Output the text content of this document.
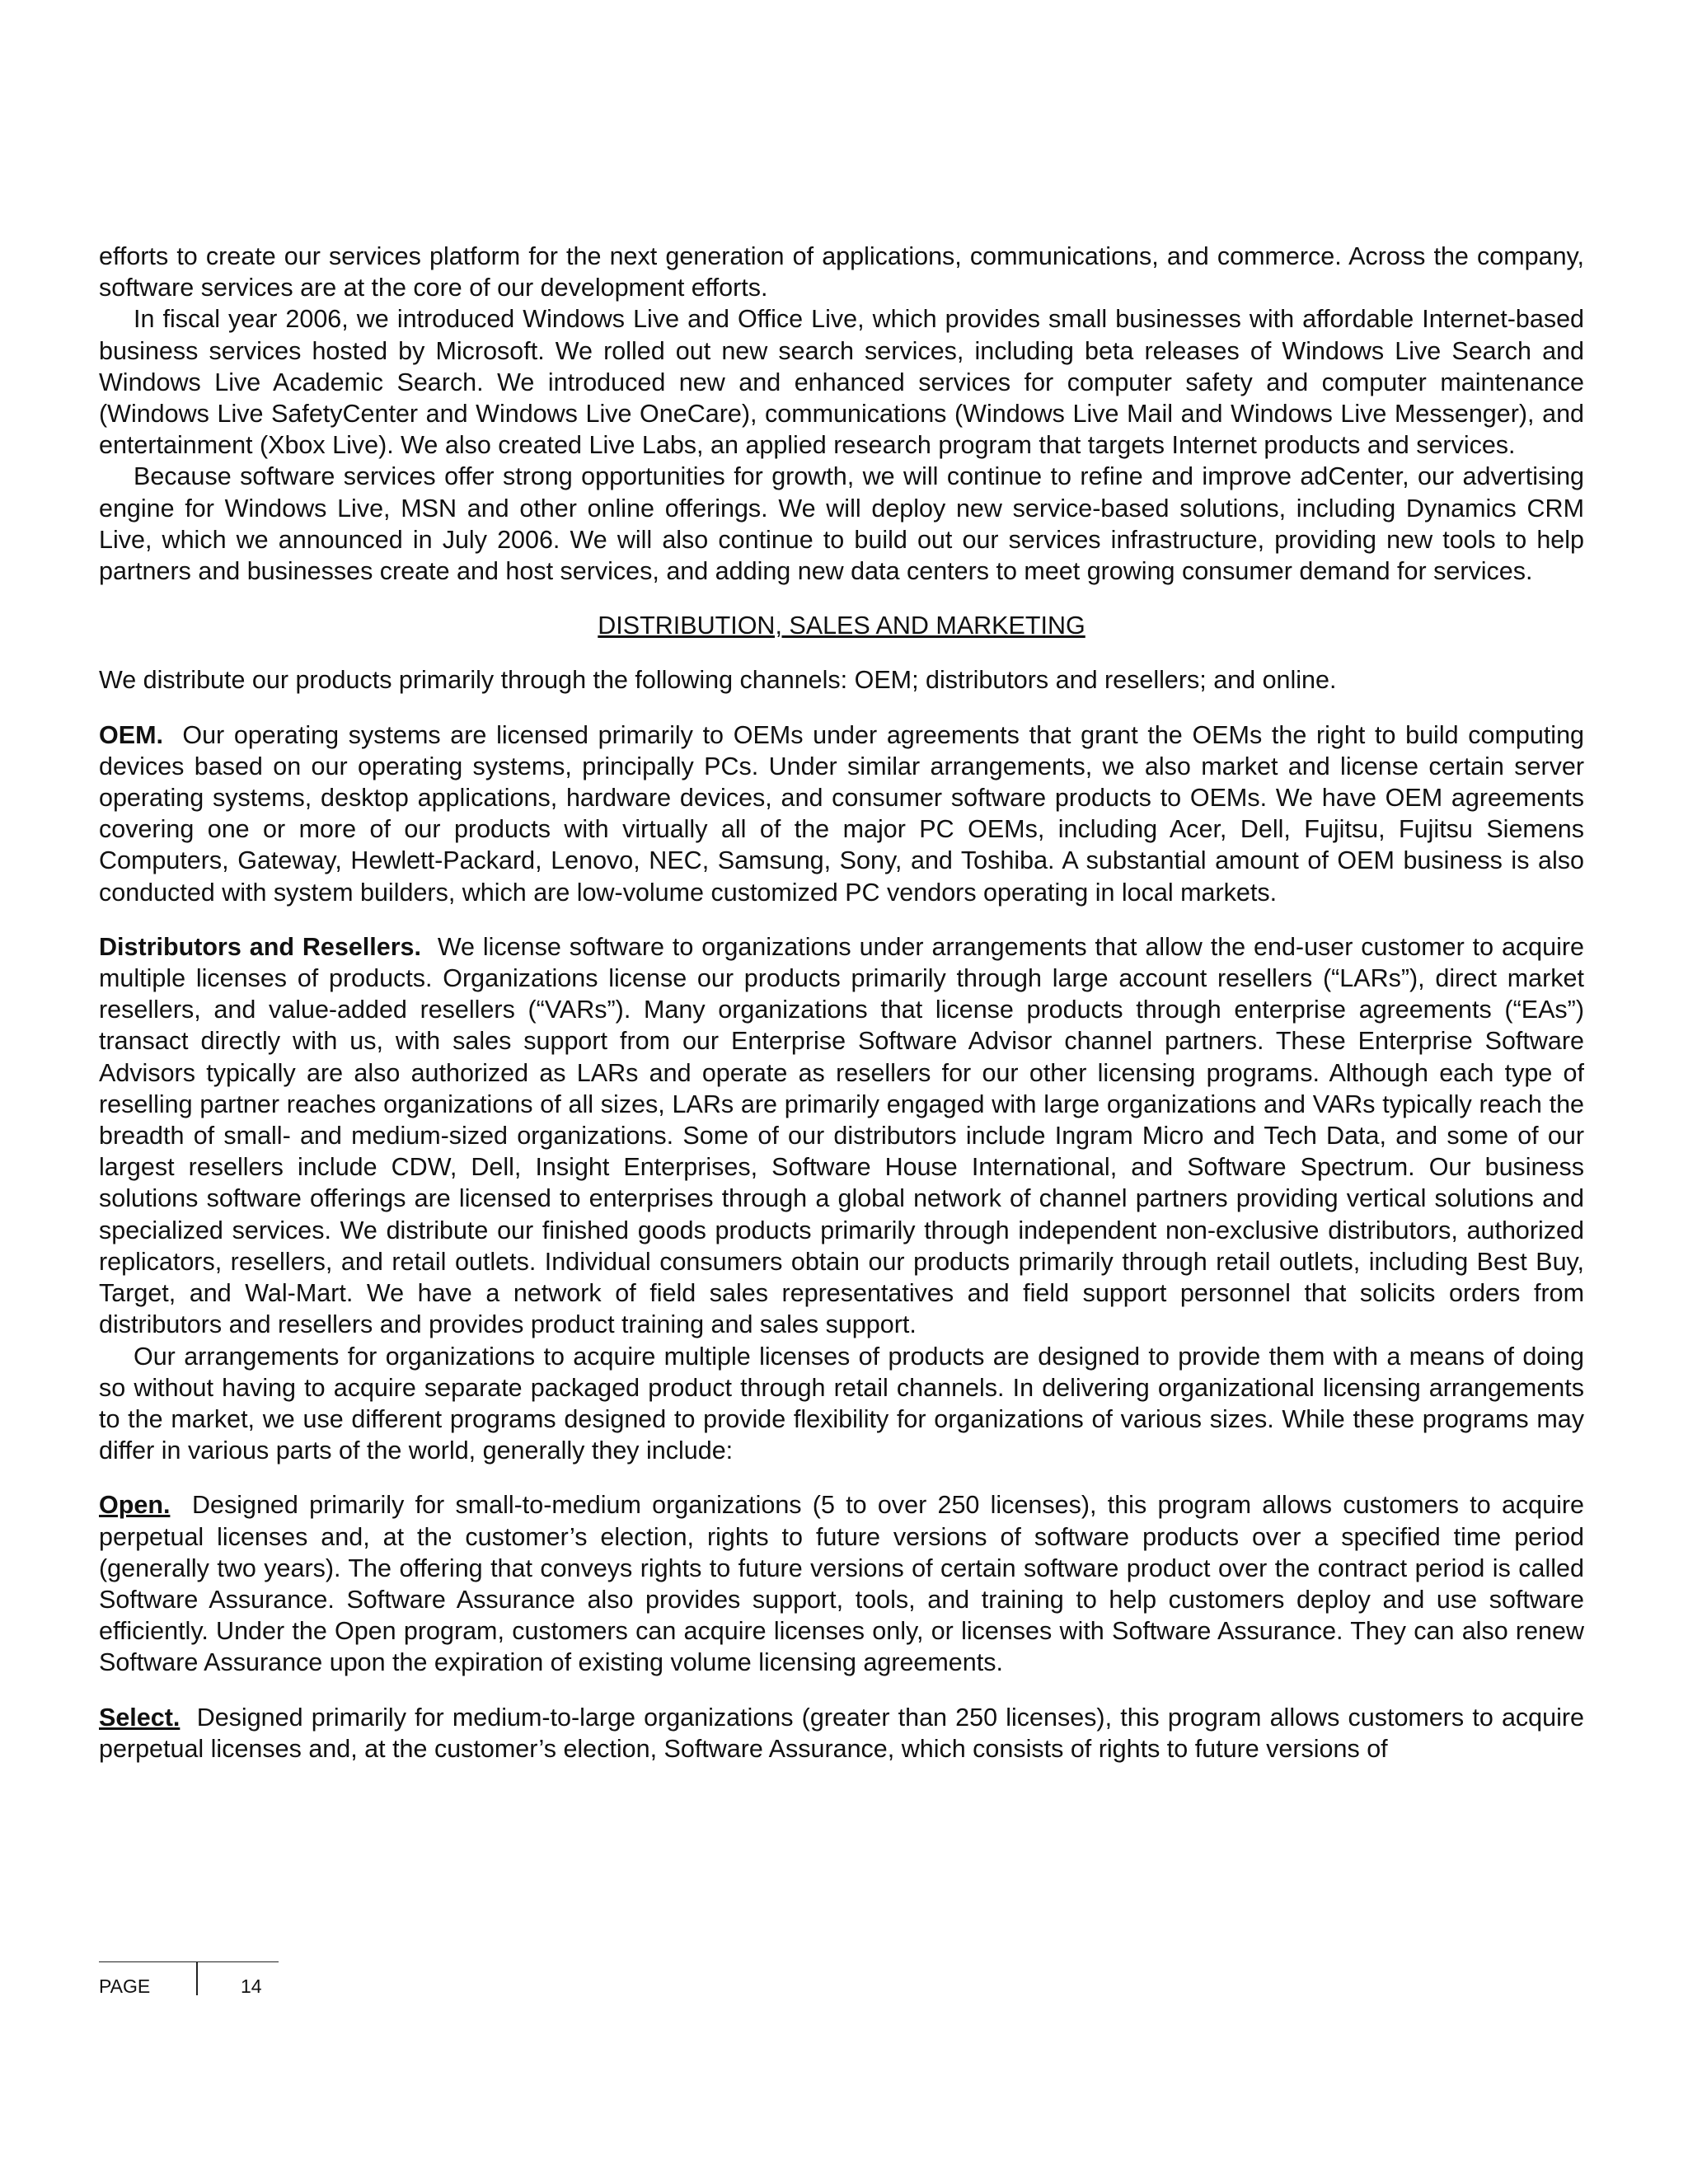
efforts to create our services platform for the next generation of applications, communications, and commerce. Across the company, software services are at the core of our development efforts.

In fiscal year 2006, we introduced Windows Live and Office Live, which provides small businesses with affordable Internet-based business services hosted by Microsoft. We rolled out new search services, including beta releases of Windows Live Search and Windows Live Academic Search. We introduced new and enhanced services for computer safety and computer maintenance (Windows Live SafetyCenter and Windows Live OneCare), communications (Windows Live Mail and Windows Live Messenger), and entertainment (Xbox Live). We also created Live Labs, an applied research program that targets Internet products and services.

Because software services offer strong opportunities for growth, we will continue to refine and improve adCenter, our advertising engine for Windows Live, MSN and other online offerings. We will deploy new service-based solutions, including Dynamics CRM Live, which we announced in July 2006. We will also continue to build out our services infrastructure, providing new tools to help partners and businesses create and host services, and adding new data centers to meet growing consumer demand for services.

DISTRIBUTION, SALES AND MARKETING

We distribute our products primarily through the following channels: OEM; distributors and resellers; and online.

OEM. Our operating systems are licensed primarily to OEMs under agreements that grant the OEMs the right to build computing devices based on our operating systems, principally PCs. Under similar arrangements, we also market and license certain server operating systems, desktop applications, hardware devices, and consumer software products to OEMs. We have OEM agreements covering one or more of our products with virtually all of the major PC OEMs, including Acer, Dell, Fujitsu, Fujitsu Siemens Computers, Gateway, Hewlett-Packard, Lenovo, NEC, Samsung, Sony, and Toshiba. A substantial amount of OEM business is also conducted with system builders, which are low-volume customized PC vendors operating in local markets.

Distributors and Resellers. We license software to organizations under arrangements that allow the end-user customer to acquire multiple licenses of products. Organizations license our products primarily through large account resellers (“LARs”), direct market resellers, and value-added resellers (“VARs”). Many organizations that license products through enterprise agreements (“EAs”) transact directly with us, with sales support from our Enterprise Software Advisor channel partners. These Enterprise Software Advisors typically are also authorized as LARs and operate as resellers for our other licensing programs. Although each type of reselling partner reaches organizations of all sizes, LARs are primarily engaged with large organizations and VARs typically reach the breadth of small- and medium-sized organizations. Some of our distributors include Ingram Micro and Tech Data, and some of our largest resellers include CDW, Dell, Insight Enterprises, Software House International, and Software Spectrum. Our business solutions software offerings are licensed to enterprises through a global network of channel partners providing vertical solutions and specialized services. We distribute our finished goods products primarily through independent non-exclusive distributors, authorized replicators, resellers, and retail outlets. Individual consumers obtain our products primarily through retail outlets, including Best Buy, Target, and Wal-Mart. We have a network of field sales representatives and field support personnel that solicits orders from distributors and resellers and provides product training and sales support.

Our arrangements for organizations to acquire multiple licenses of products are designed to provide them with a means of doing so without having to acquire separate packaged product through retail channels. In delivering organizational licensing arrangements to the market, we use different programs designed to provide flexibility for organizations of various sizes. While these programs may differ in various parts of the world, generally they include:

Open. Designed primarily for small-to-medium organizations (5 to over 250 licenses), this program allows customers to acquire perpetual licenses and, at the customer’s election, rights to future versions of software products over a specified time period (generally two years). The offering that conveys rights to future versions of certain software product over the contract period is called Software Assurance. Software Assurance also provides support, tools, and training to help customers deploy and use software efficiently. Under the Open program, customers can acquire licenses only, or licenses with Software Assurance. They can also renew Software Assurance upon the expiration of existing volume licensing agreements.

Select. Designed primarily for medium-to-large organizations (greater than 250 licenses), this program allows customers to acquire perpetual licenses and, at the customer’s election, Software Assurance, which consists of rights to future versions of

PAGE	14
